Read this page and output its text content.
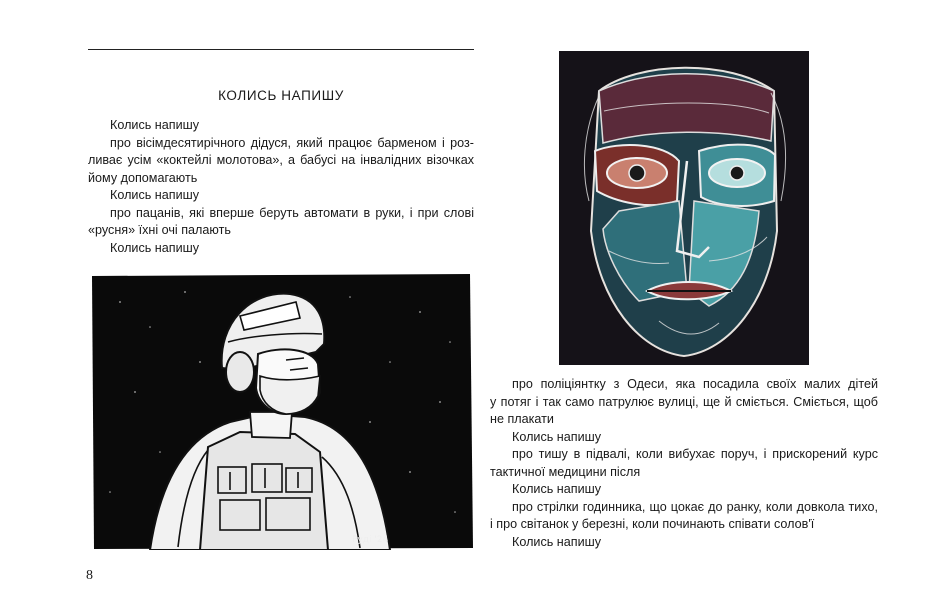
КОЛИСЬ НАПИШУ
Колись напишу
про вісімдесятирічного дідуся, який працює барменом і роз-
ливає усім «коктейлі молотова», а бабусі на інвалідних візочках
йому допомагають
Колись напишу
про пацанів, які вперше беруть автомати в руки, і при слові
«русня» їхні очі палають
Колись напишу
Руді '24
про поліціянтку з Одеси, яка посадила своїх малих дітей
у потяг і так само патрулює вулиці, ще й сміється. Сміється, щоб
не плакати
Колись напишу
про тишу в підвалі, коли вибухає поруч, і прискорений курс
тактичної медицини після
Колись напишу
про стрілки годинника, що цокає до ранку, коли довкола тихо,
і про світанок у березні, коли починають співати солов'ї
Колись напишу
8
